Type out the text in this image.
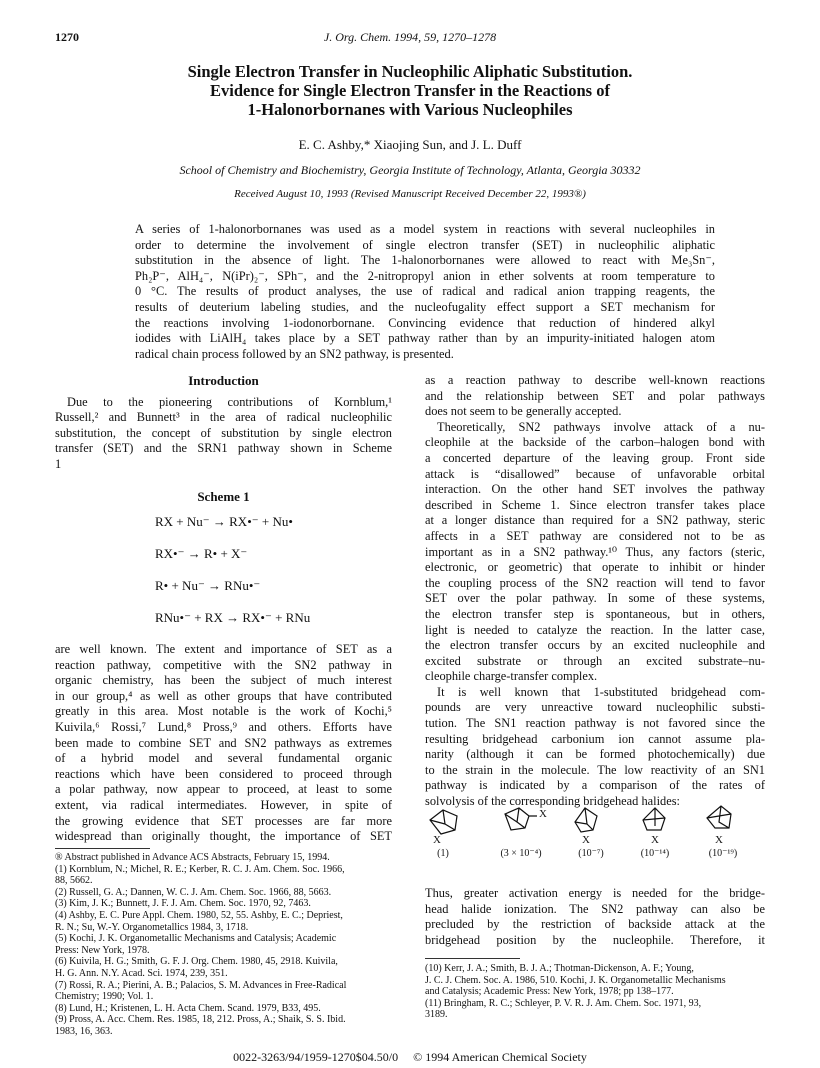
1270	J. Org. Chem. 1994, 59, 1270–1278
Single Electron Transfer in Nucleophilic Aliphatic Substitution.
Evidence for Single Electron Transfer in the Reactions of
1-Halonorbornanes with Various Nucleophiles
E. C. Ashby,* Xiaojing Sun, and J. L. Duff
School of Chemistry and Biochemistry, Georgia Institute of Technology, Atlanta, Georgia 30332
Received August 10, 1993 (Revised Manuscript Received December 22, 1993®)
A series of 1-halonorbornanes was used as a model system in reactions with several nucleophiles in
order to determine the involvement of single electron transfer (SET) in nucleophilic aliphatic
substitution in the absence of light. The 1-halonorbornanes were allowed to react with Me₃Sn⁻,
Ph₂P⁻, AlH₄⁻, N(iPr)₂⁻, SPh⁻, and the 2-nitropropyl anion in ether solvents at room temperature to
0 °C. The results of product analyses, the use of radical and radical anion trapping reagents, the
results of deuterium labeling studies, and the nucleofugality effect support a SET mechanism for
the reactions involving 1-iodonorbornane. Convincing evidence that reduction of hindered alkyl
iodides with LiAlH₄ takes place by a SET pathway rather than by an impurity-initiated halogen atom
radical chain process followed by an SN2 pathway, is presented.
Introduction
Due to the pioneering contributions of Kornblum,¹
Russell,² and Bunnett³ in the area of radical nucleophilic
substitution, the concept of substitution by single electron
transfer (SET) and the SRN1 pathway shown in Scheme
1
Scheme 1
RX + Nu⁻ → RX•⁻ + Nu•
RX•⁻ → R• + X⁻
R• + Nu⁻ → RNu•⁻
RNu•⁻ + RX → RX•⁻ + RNu
are well known. The extent and importance of SET as a
reaction pathway, competitive with the SN2 pathway in
organic chemistry, has been the subject of much interest
in our group,⁴ as well as other groups that have contributed
greatly in this area. Most notable is the work of Kochi,⁵
Kuivila,⁶ Rossi,⁷ Lund,⁸ Pross,⁹ and others. Efforts have
been made to combine SET and SN2 pathways as extremes
of a hybrid model and several fundamental organic
reactions which have been considered to proceed through
a polar pathway, now appear to proceed, at least to some
extent, via radical intermediates. However, in spite of
the growing evidence that SET processes are far more
widespread than originally thought, the importance of SET
® Abstract published in Advance ACS Abstracts, February 15, 1994.
(1) Kornblum, N.; Michel, R. E.; Kerber, R. C. J. Am. Chem. Soc. 1966,
88, 5662.
(2) Russell, G. A.; Dannen, W. C. J. Am. Chem. Soc. 1966, 88, 5663.
(3) Kim, J. K.; Bunnett, J. F. J. Am. Chem. Soc. 1970, 92, 7463.
(4) Ashby, E. C. Pure Appl. Chem. 1980, 52, 55. Ashby, E. C.; Depriest,
R. N.; Su, W.-Y. Organometallics 1984, 3, 1718.
(5) Kochi, J. K. Organometallic Mechanisms and Catalysis; Academic
Press: New York, 1978.
(6) Kuivila, H. G.; Smith, G. F. J. Org. Chem. 1980, 45, 2918. Kuivila,
H. G. Ann. N.Y. Acad. Sci. 1974, 239, 351.
(7) Rossi, R. A.; Pierini, A. B.; Palacios, S. M. Advances in Free-Radical
Chemistry; 1990; Vol. 1.
(8) Lund, H.; Kristenen, L. H. Acta Chem. Scand. 1979, B33, 495.
(9) Pross, A. Acc. Chem. Res. 1985, 18, 212. Pross, A.; Shaik, S. S. Ibid.
1983, 16, 363.
as a reaction pathway to describe well-known reactions
and the relationship between SET and polar pathways
does not seem to be generally accepted.
Theoretically, SN2 pathways involve attack of a nu-
cleophile at the backside of the carbon–halogen bond with
a concerted departure of the leaving group. Front side
attack is “disallowed” because of unfavorable orbital
interaction. On the other hand SET involves the pathway
described in Scheme 1. Since electron transfer takes place
at a longer distance than required for a SN2 pathway, steric
affects in a SET pathway are considered not to be as
important as in a SN2 pathway.¹⁰ Thus, any factors (steric,
electronic, or geometric) that operate to inhibit or hinder
the coupling process of the SN2 reaction will tend to favor
SET over the polar pathway. In some of these systems,
the electron transfer step is spontaneous, but in others,
light is needed to catalyze the reaction. In the latter case,
the electron transfer occurs by an excited nucleophile and
excited substrate or through an excited substrate–nu-
cleophile charge-transfer complex.
It is well known that 1-substituted bridgehead com-
pounds are very unreactive toward nucleophilic substi-
tution. The SN1 reaction pathway is not favored since the
resulting bridgehead carbonium ion cannot assume pla-
narity (although it can be formed photochemically) due
to the strain in the molecule. The low reactivity of an SN1
pathway is indicated by a comparison of the rates of
solvolysis of the corresponding bridgehead halides:
X
X
X	X	X
(1)	(3 × 10⁻⁴)	(10⁻⁷)	(10⁻¹⁴)	(10⁻¹⁹)
Thus, greater activation energy is needed for the bridge-
head halide ionization. The SN2 pathway can also be
precluded by the restriction of backside attack at the
bridgehead position by the nucleophile. Therefore, it
(10) Kerr, J. A.; Smith, B. J. A.; Thotman-Dickenson, A. F.; Young,
J. C. J. Chem. Soc. A. 1986, 510. Kochi, J. K. Organometallic Mechanisms
and Catalysis; Academic Press: New York, 1978; pp 138–177.
(11) Bringham, R. C.; Schleyer, P. V. R. J. Am. Chem. Soc. 1971, 93,
3189.
0022-3263/94/1959-1270$04.50/0 © 1994 American Chemical Society
